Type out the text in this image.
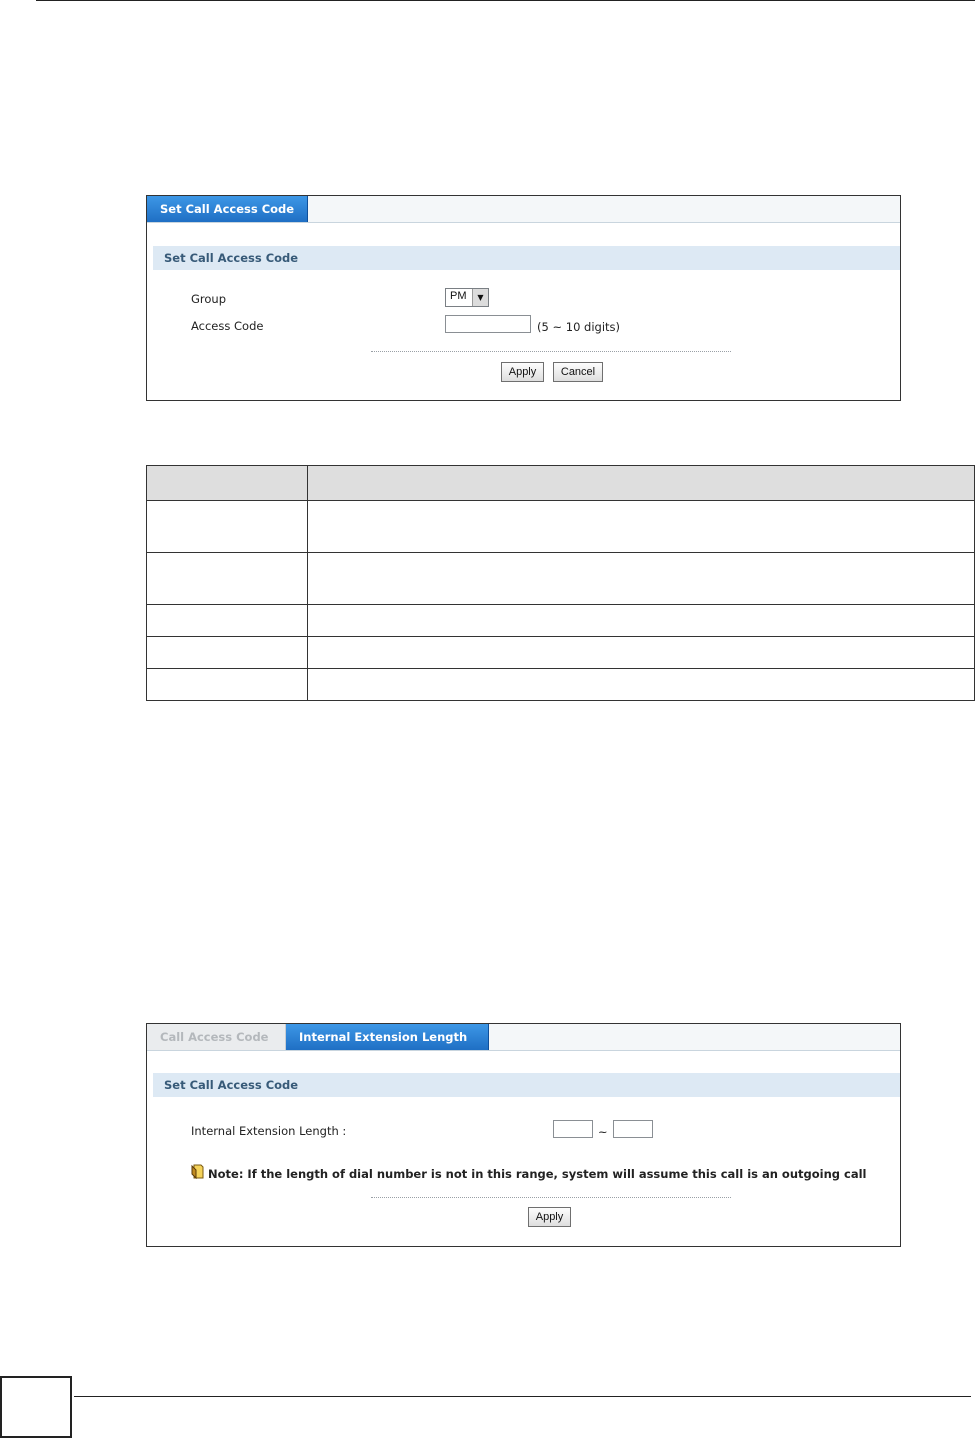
Set Call Access Code
Set Call Access Code
Group	PM	▼
Access Code	(5 ~ 10 digits)
Apply	Cancel

Call Access Code	Internal Extension Length
Set Call Access Code
Internal Extension Length :	~
Note: If the length of dial number is not in this range, system will assume this call is an outgoing call
Apply
